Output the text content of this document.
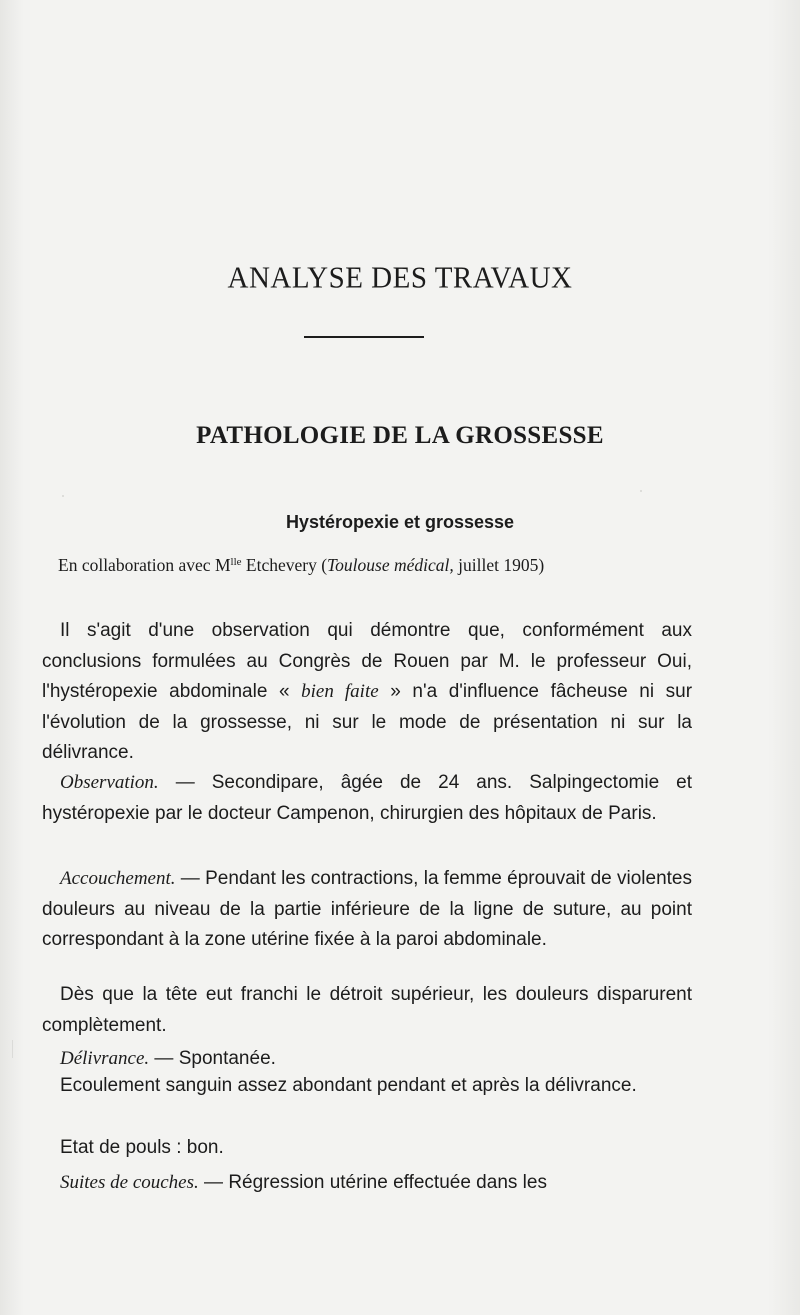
ANALYSE DES TRAVAUX
PATHOLOGIE DE LA GROSSESSE
Hystéropexie et grossesse
En collaboration avec $M^{lle}$ Etchevery (Toulouse médical, juillet 1905)

Il s'agit d'une observation qui démontre que, conformément aux conclusions formulées au Congrès de Rouen par M. le professeur Oui, l'hystéropexie abdominale « bien faite » n'a d'influence fâcheuse ni sur l'évolution de la grossesse, ni sur le mode de présentation ni sur la délivrance.

Observation. — Secondipare, âgée de 24 ans. Salpingectomie et hystéropexie par le docteur Campenon, chirurgien des hôpitaux de Paris.

Accouchement. — Pendant les contractions, la femme éprouvait de violentes douleurs au niveau de la partie inférieure de la ligne de suture, au point correspondant à la zone utérine fixée à la paroi abdominale.

Dès que la tête eut franchi le détroit supérieur, les douleurs disparurent complètement.

Délivrance. — Spontanée.

Ecoulement sanguin assez abondant pendant et après la délivrance.

Etat de pouls : bon.

Suites de couches. — Régression utérine effectuée dans les
